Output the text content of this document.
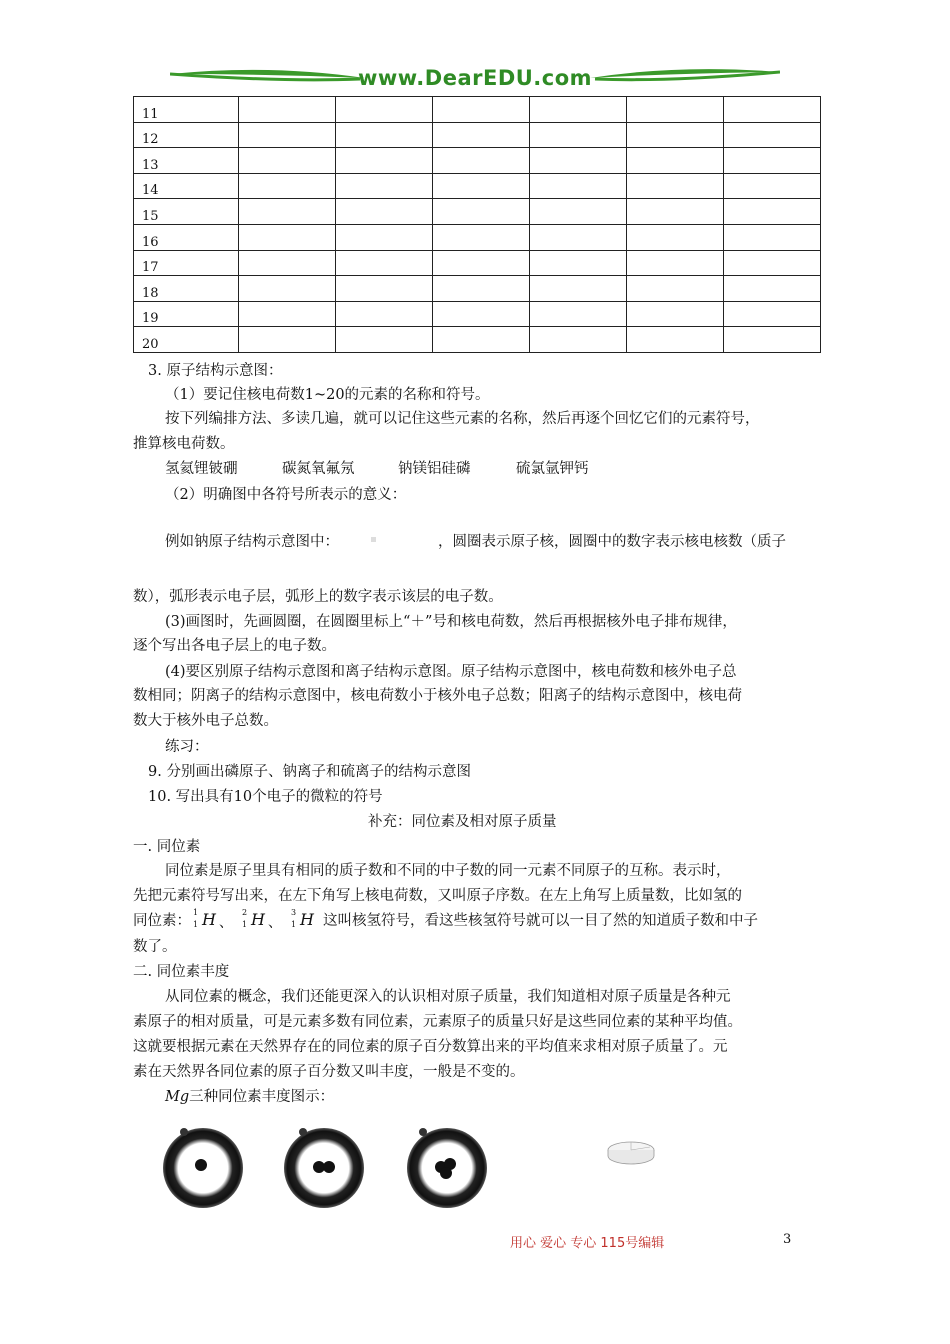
www.DearEDU.com
11						
12						
13						
14						
15						
16						
17						
18						
19						
20						
3. 原子结构示意图：
（1）要记住核电荷数1~20的元素的名称和符号。
按下列编排方法、多读几遍，就可以记住这些元素的名称，然后再逐个回忆它们的元素符号，
推算核电荷数。
氢氦锂铍硼	碳氮氧氟氖	钠镁铝硅磷	硫氯氩钾钙
（2）明确图中各符号所表示的意义：
例如钠原子结构示意图中：	，圆圈表示原子核，圆圈中的数字表示核电核数（质子
数），弧形表示电子层，弧形上的数字表示该层的电子数。
(3)画图时，先画圆圈，在圆圈里标上“＋”号和核电荷数，然后再根据核外电子排布规律，
逐个写出各电子层上的电子数。
(4)要区别原子结构示意图和离子结构示意图。原子结构示意图中，核电荷数和核外电子总
数相同；阴离子的结构示意图中，核电荷数小于核外电子总数；阳离子的结构示意图中，核电荷
数大于核外电子总数。
练习：
9. 分别画出磷原子、钠离子和硫离子的结构示意图
10. 写出具有10个电子的微粒的符号
补充：同位素及相对原子质量
一. 同位素
同位素是原子里具有相同的质子数和不同的中子数的同一元素不同原子的互称。表示时，
先把元素符号写出来，在左下角写上核电荷数，又叫原子序数。在左上角写上质量数，比如氢的
同位素：
1
1 H 、
2
1 H 、
3
1 H 这叫核氢符号，看这些核氢符号就可以一目了然的知道质子数和中子
数了。
二. 同位素丰度
从同位素的概念，我们还能更深入的认识相对原子质量，我们知道相对原子质量是各种元
素原子的相对质量，可是元素多数有同位素，元素原子的质量只好是这些同位素的某种平均值。
这就要根据元素在天然界存在的同位素的原子百分数算出来的平均值来求相对原子质量了。元
素在天然界各同位素的原子百分数又叫丰度，一般是不变的。
Mg三种同位素丰度图示：
用心 爱心 专心 115号编辑	3
